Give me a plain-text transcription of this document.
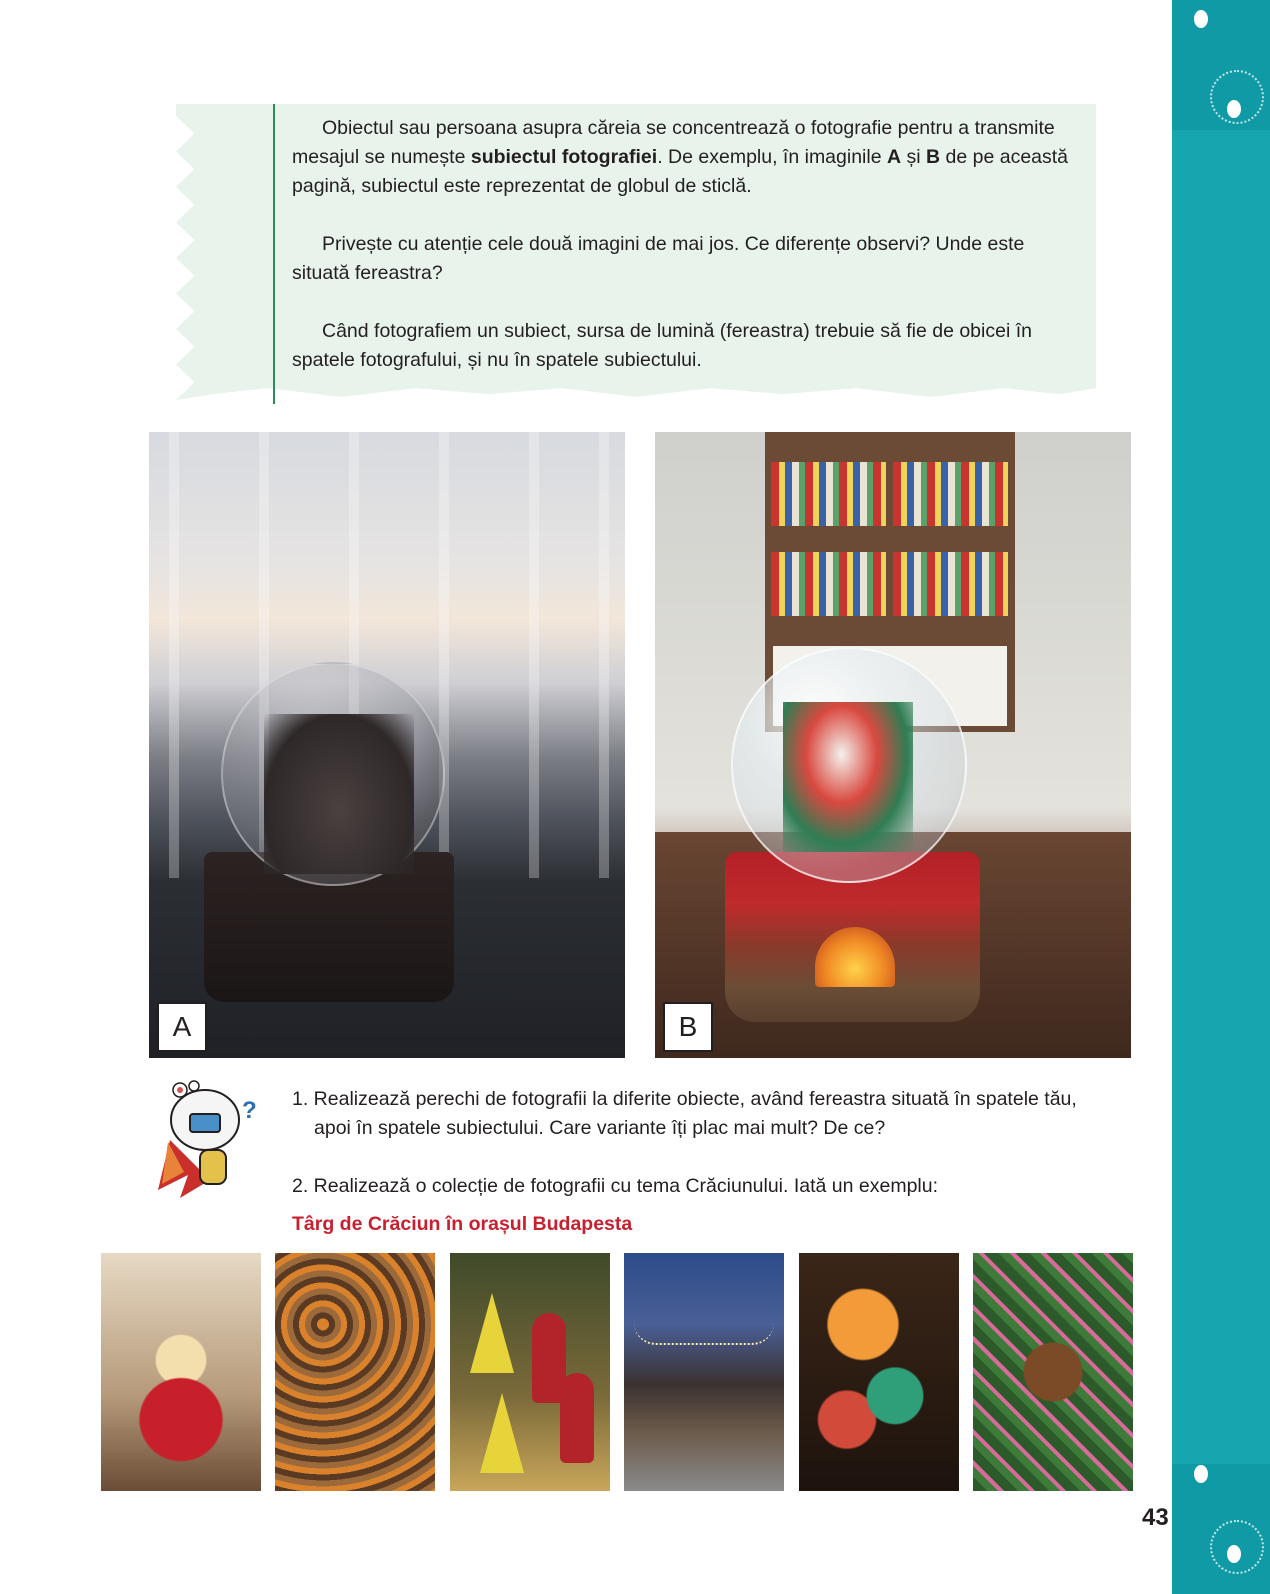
Obiectul sau persoana asupra căreia se concentrează o fotografie pentru a transmite mesajul se numește subiectul fotografiei. De exemplu, în imaginile A și B de pe această pagină, subiectul este reprezentat de globul de sticlă.

Privește cu atenție cele două imagini de mai jos. Ce diferențe observi? Unde este situată fereastra?

Când fotografiem un subiect, sursa de lumină (fereastra) trebuie să fie de obicei în spatele fotografului, și nu în spatele subiectului.

A	B
? 1. Realizează perechi de fotografii la diferite obiecte, având fereastra situată în spatele tău, apoi în spatele subiectului. Care variante îți plac mai mult? De ce?
2. Realizează o colecție de fotografii cu tema Crăciunului. Iată un exemplu:
Târg de Crăciun în orașul Budapesta
43
